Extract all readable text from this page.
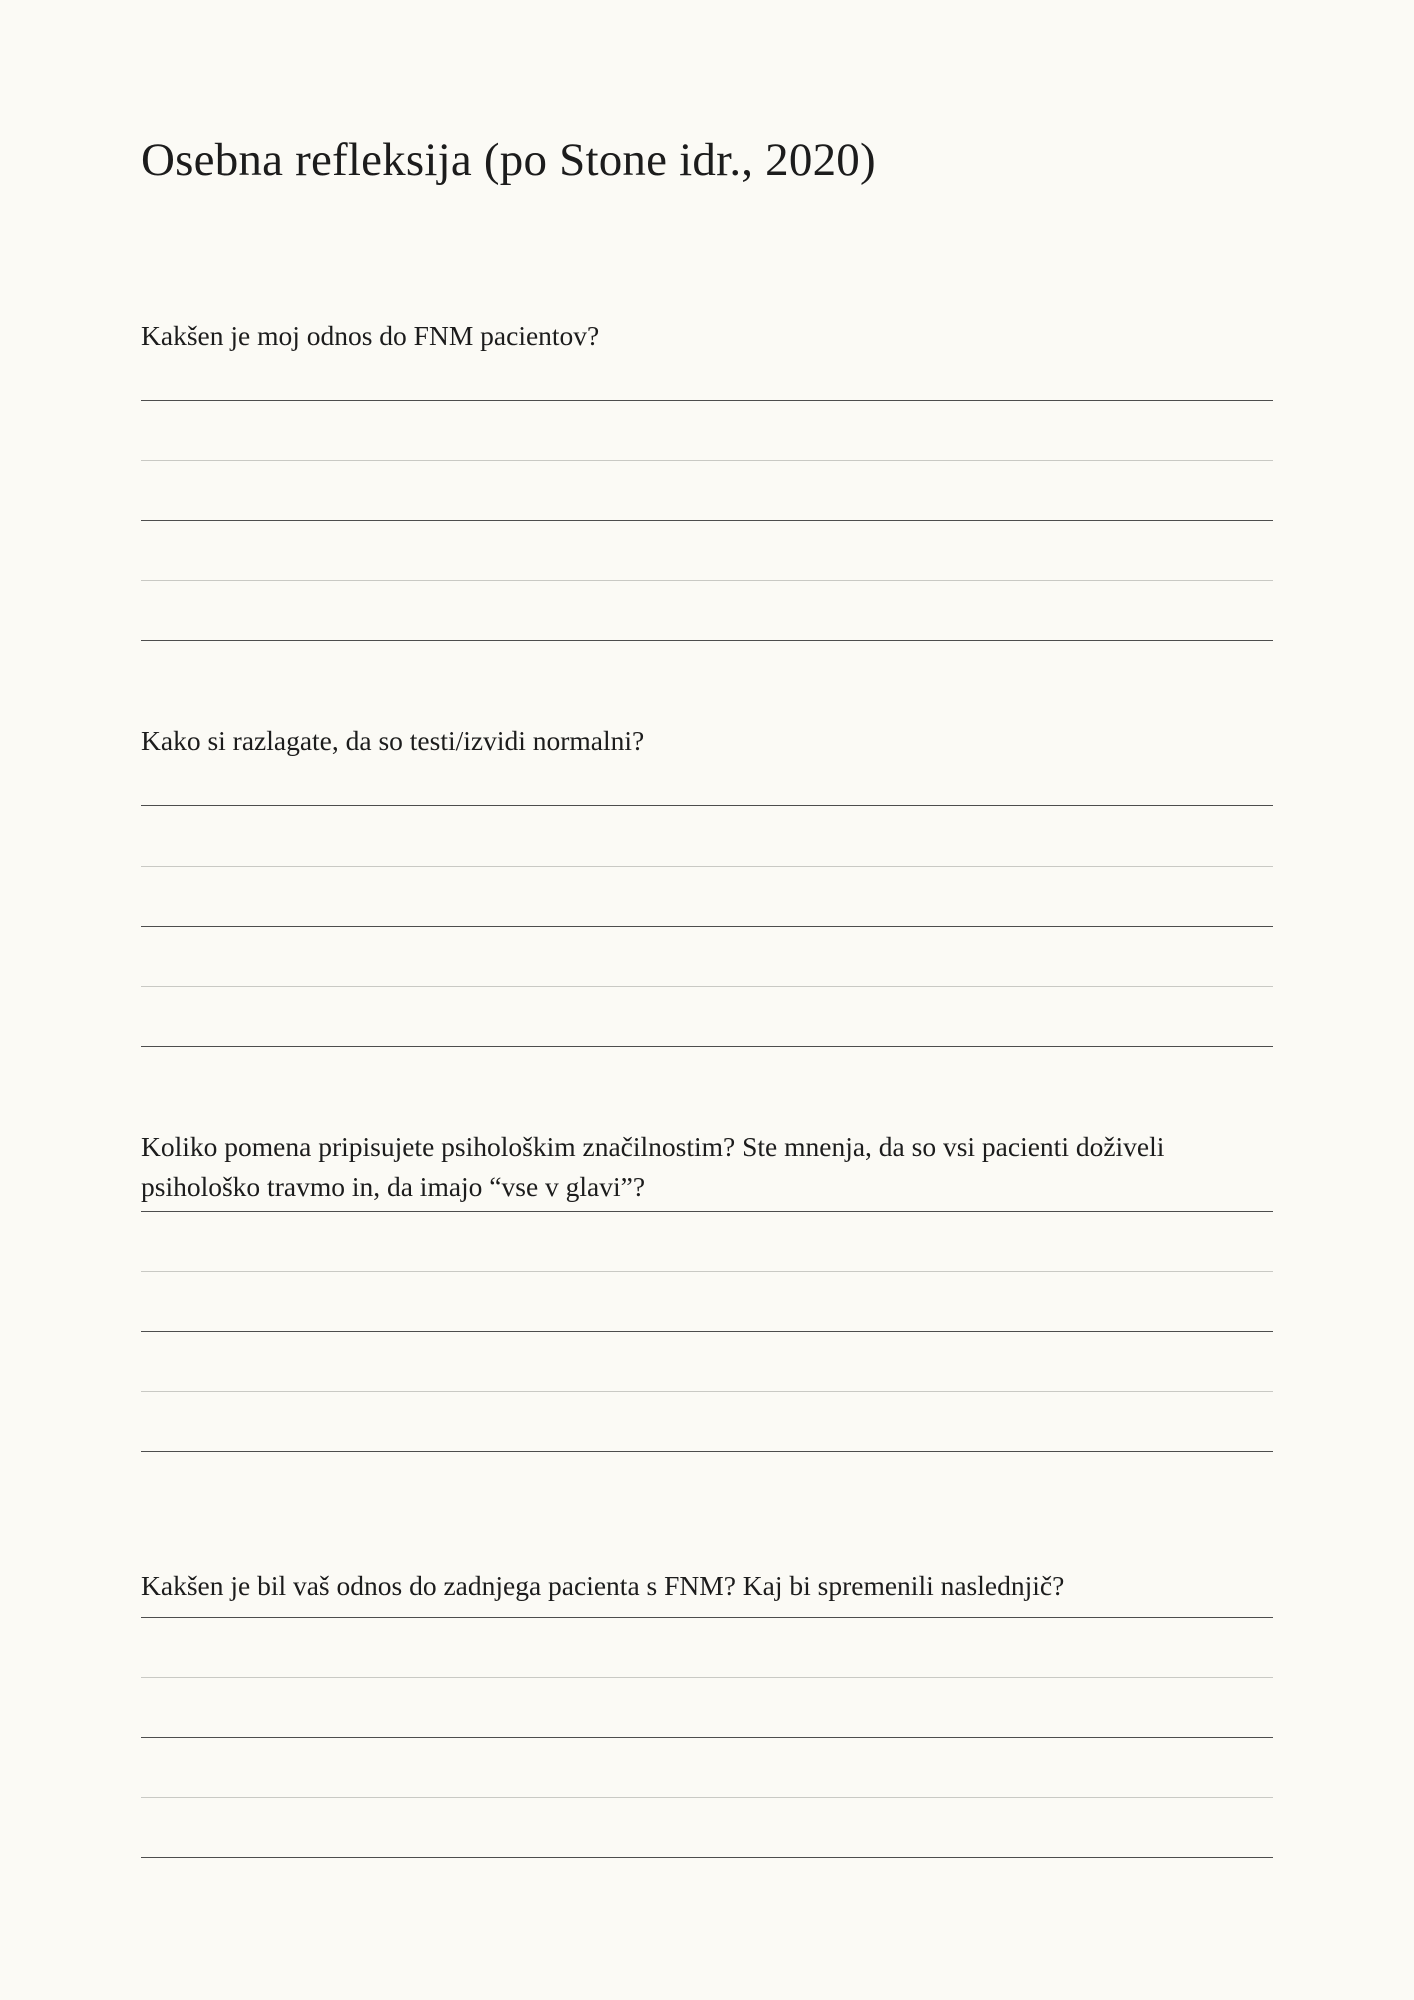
Osebna refleksija (po Stone idr., 2020)
Kakšen je moj odnos do FNM pacientov?
Kako si razlagate, da so testi/izvidi normalni?
Koliko pomena pripisujete psihološkim značilnostim? Ste mnenja, da so vsi pacienti doživeli psihološko travmo in, da imajo “vse v glavi”?
Kakšen je bil vaš odnos do zadnjega pacienta s FNM? Kaj bi spremenili naslednjič?
